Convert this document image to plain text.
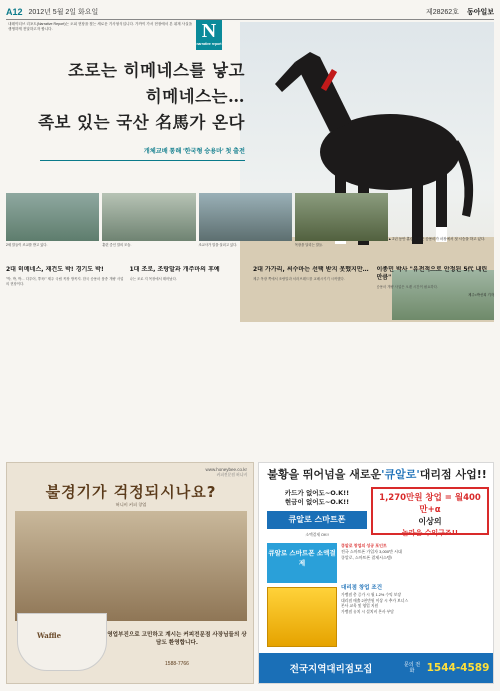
A12 2012년 5월 2일 화요일	제28262호 동아일보
내레이티브 리포트(Narrative Report)는 오피 현장을 찾는 새로운 기사형식입니다. 가까이 가서 현장에서 본 취재 사실을 생생하게 전달하고자 합니다.	N
narrative report
▲ 2년 동안 훈련을 받은 승용마가 마장에서 첫 시승을 하고 있다.
조로는 히메네스를 낳고
히메네스는…
족보 있는 국산 名馬가 온다
개체교배 통해 '한국형 승용마' 첫 출전
2세 말들이 조교를 받고 있다.	훈련 중인 말의 모습.	조교사가 말을 살피고 있다.	목장을 달리는 말들.
2대 히메네스, 재건도 박! 경기도 박!
"박, 박, 박… 다투어, 쭈욱!" 제주 국립 목장 방목지. 한국 승용마 품종 개량 사업의 현장이다.
1대 조로, 조랑말과 개주마의 후예
나는 조로 지 목장에서 태어났다.
2대 가가리, 씨수마는 선택 받지 못했지만…
제주 목장 쪽에서 조랑말과 서러브레드를 교배시키기 시작했다.
이종민 박사 "유전적으로 안정된 5代 내린 만큼"
승용마 개량 사업은 오랜 시간이 필요하다.
제주=박선희 기자
www.honeybee.co.kr
커피전문점 허니비
불경기가 걱정되시나요?
허니비 커피 창업
Waffle	영업부진으로 고민하고 계시는 커피전문점 사장님들의 상담도 환영합니다.
1588-7766
불황을 뛰어넘을 새로운 '큐알로' 대리점 사업!!
카드가 없어도~O.K!!
현금이 없어도~O.K!!
큐알로 스마트폰
소액결제 OK!!
1,270만원 창업 = 월400만+α
이상의
놀라운 수익구조!!
큐알로 스마트폰 소액결제
큐알로 창업의 성공 포인트
전국 스마트폰 가입자 3,000만 시대
큐알로, 스마트폰 결제시스템!
대리점 창업 조건
가맹점 총 증가 시 월 1.2% 수익 보장
대리점 매출 2천만원 이상 시 추가 보너스
본사 교육 및 영업 지원
가맹점 유치 시 설치비 본사 부담
전국지역대리점모집	문의 전화	1544-4589
